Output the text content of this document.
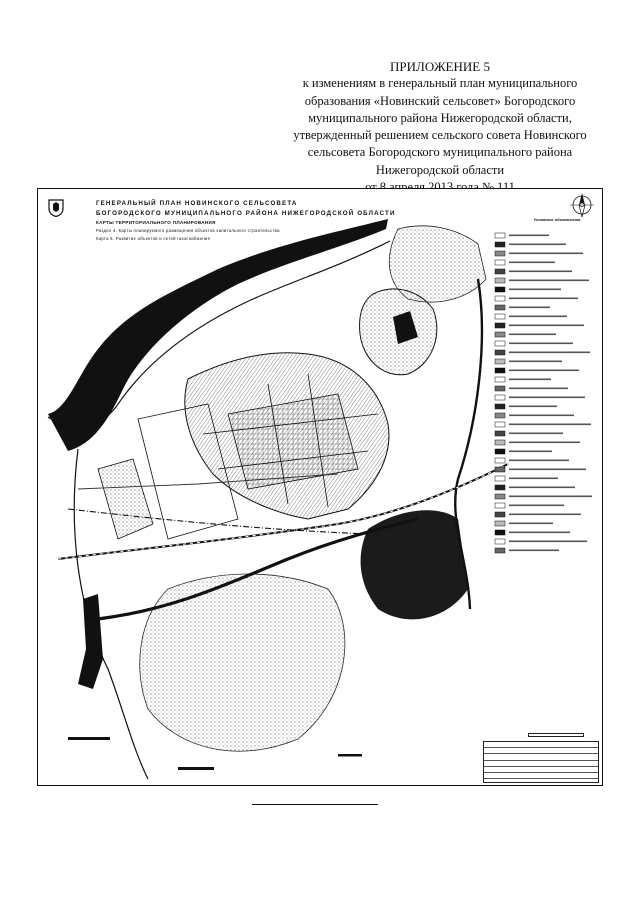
ПРИЛОЖЕНИЕ 5
к изменениям в генеральный план муниципального
образования «Новинский сельсовет» Богородского
муниципального района Нижегородской области,
утвержденный решением сельского совета Новинского
сельсовета Богородского муниципального района
Нижегородской области
ГЕНЕРАЛЬНЫЙ ПЛАН НОВИНСКОГО СЕЛЬСОВЕТА
БОГОРОДСКОГО МУНИЦИПАЛЬНОГО РАЙОНА НИЖЕГОРОДСКОЙ ОБЛАСТИ
КАРТЫ ТЕРРИТОРИАЛЬНОГО ПЛАНИРОВАНИЯ
Раздел 4. Карты планируемого размещения объектов капитального строительства
Карта 5. Развитие объектов и сетей газоснабжения
Условные обозначения
